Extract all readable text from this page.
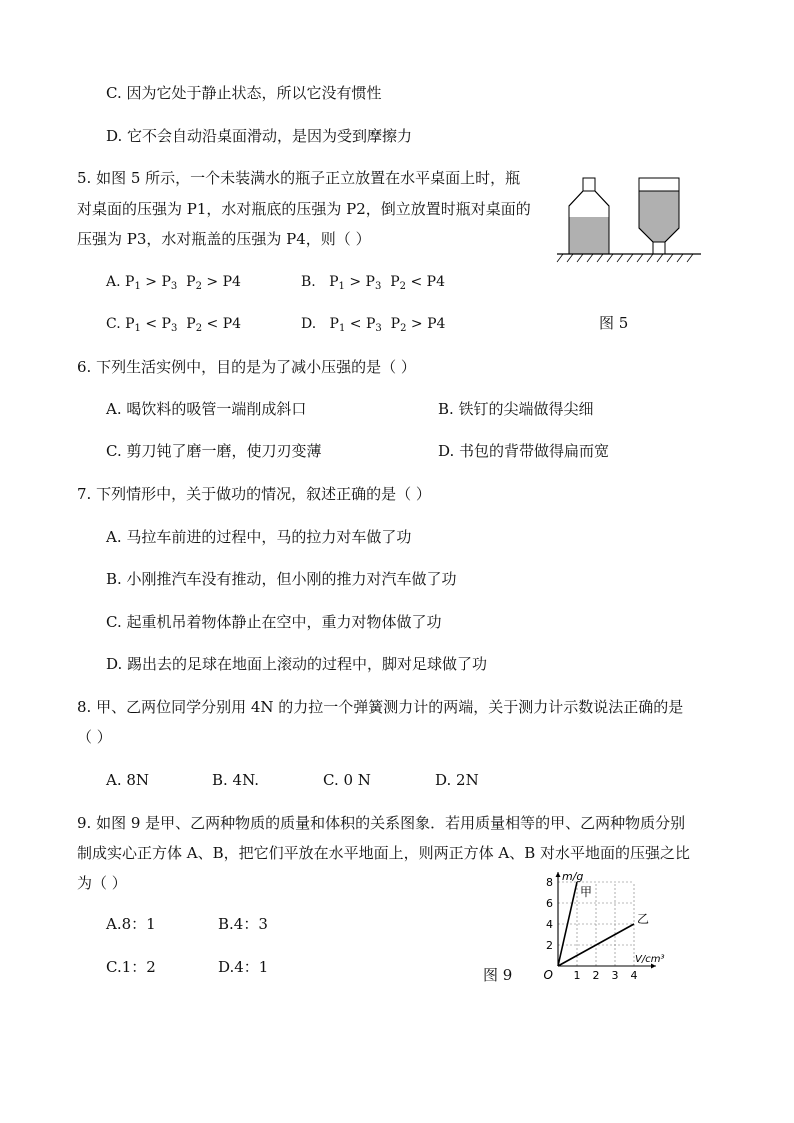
C. 因为它处于静止状态，所以它没有惯性
D. 它不会自动沿桌面滑动，是因为受到摩擦力
5. 如图 5 所示，一个未装满水的瓶子正立放置在水平桌面上时，瓶
对桌面的压强为 P1，水对瓶底的压强为 P2，倒立放置时瓶对桌面的
压强为 P3，水对瓶盖的压强为 P4，则（ ）
A. $P_1 > P_3$  $P_2 > P4$	B. $P_1 > P_3$  $P_2 < P4$
C. $P_1 < P_3$  $P_2 < P4$	D. $P_1 < P_3$  $P_2 > P4$	图 5
6. 下列生活实例中，目的是为了减小压强的是（ ）
A. 喝饮料的吸管一端削成斜口	B. 铁钉的尖端做得尖细
C. 剪刀钝了磨一磨，使刀刃变薄	D. 书包的背带做得扁而宽
7. 下列情形中，关于做功的情况，叙述正确的是（ ）
A. 马拉车前进的过程中，马的拉力对车做了功
B. 小刚推汽车没有推动，但小刚的推力对汽车做了功
C. 起重机吊着物体静止在空中，重力对物体做了功
D. 踢出去的足球在地面上滚动的过程中，脚对足球做了功
8. 甲、乙两位同学分别用 4N 的力拉一个弹簧测力计的两端，关于测力计示数说法正确的是
（ ）
A. 8N	B. 4N.	C. 0 N	D. 2N
9. 如图 9 是甲、乙两种物质的质量和体积的关系图象．若用质量相等的甲、乙两种物质分别
制成实心正方体 A、B，把它们平放在水平地面上，则两正方体 A、B 对水平地面的压强之比
为（ ）
A.8：1	B.4：3
C.1：2	D.4：1	图 9	1 2 3 4
2
4
6
8
O
甲
乙
m/g
V/cm³
